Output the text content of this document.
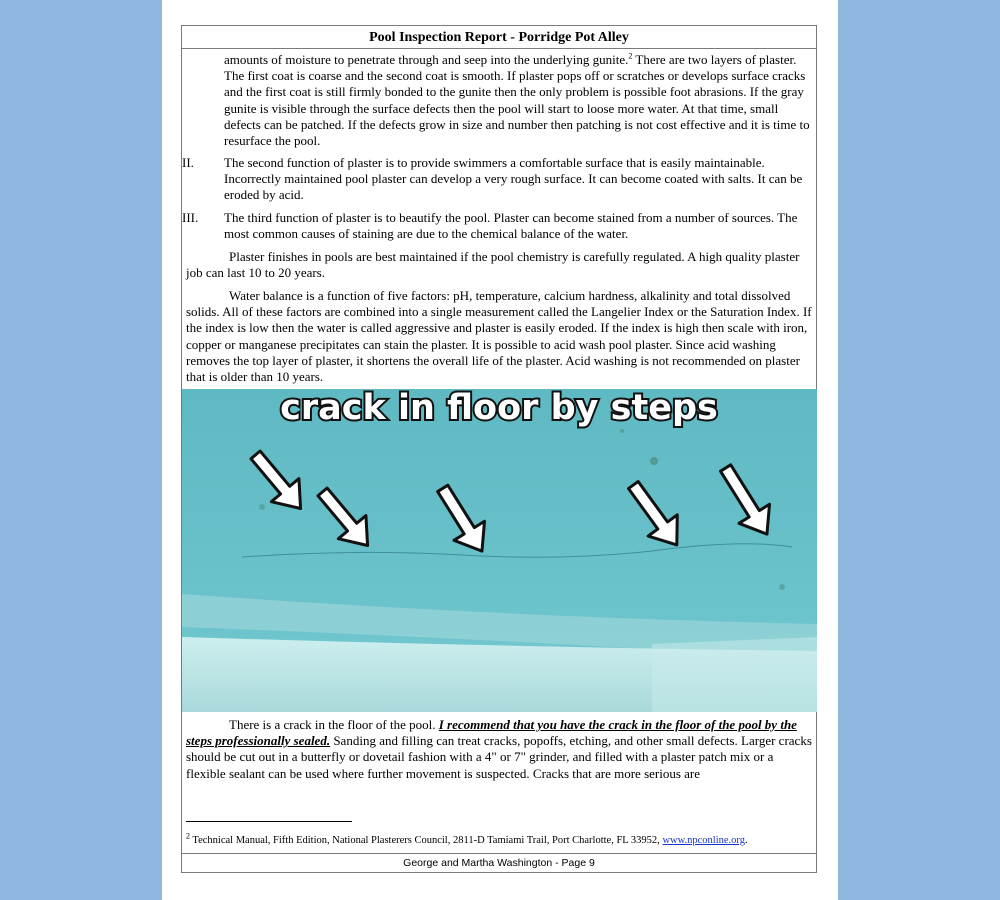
Pool Inspection Report - Porridge Pot Alley

amounts of moisture to penetrate through and seep into the underlying gunite.$^2$ There are two layers of plaster. The first coat is coarse and the second coat is smooth. If plaster pops off or scratches or develops surface cracks and the first coat is still firmly bonded to the gunite then the only problem is possible foot abrasions. If the gray gunite is visible through the surface defects then the pool will start to loose more water. At that time, small defects can be patched. If the defects grow in size and number then patching is not cost effective and it is time to resurface the pool.

II. The second function of plaster is to provide swimmers a comfortable surface that is easily maintainable. Incorrectly maintained pool plaster can develop a very rough surface. It can become coated with salts. It can be eroded by acid.

III. The third function of plaster is to beautify the pool. Plaster can become stained from a number of sources. The most common causes of staining are due to the chemical balance of the water.

Plaster finishes in pools are best maintained if the pool chemistry is carefully regulated. A high quality plaster job can last 10 to 20 years.

Water balance is a function of five factors: pH, temperature, calcium hardness, alkalinity and total dissolved solids. All of these factors are combined into a single measurement called the Langelier Index or the Saturation Index. If the index is low then the water is called aggressive and plaster is easily eroded. If the index is high then scale with iron, copper or manganese precipitates can stain the plaster. It is possible to acid wash pool plaster. Since acid washing removes the top layer of plaster, it shortens the overall life of the plaster. Acid washing is not recommended on plaster that is older than 10 years.

crack in floor by steps

There is a crack in the floor of the pool. I recommend that you have the crack in the floor of the pool by the steps professionally sealed. Sanding and filling can treat cracks, popoffs, etching, and other small defects. Larger cracks should be cut out in a butterfly or dovetail fashion with a 4" or 7" grinder, and filled with a plaster patch mix or a flexible sealant can be used where further movement is suspected. Cracks that are more serious are

$^2$ Technical Manual, Fifth Edition, National Plasterers Council, 2811-D Tamiami Trail, Port Charlotte, FL 33952, www.npconline.org.
George and Martha Washington - Page 9
